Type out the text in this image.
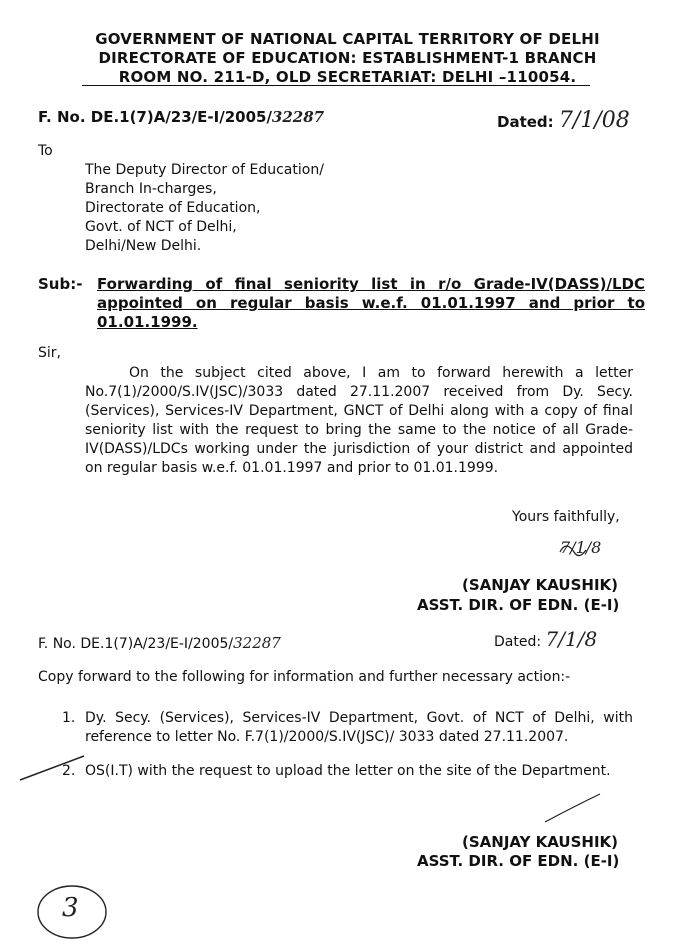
GOVERNMENT OF NATIONAL CAPITAL TERRITORY OF DELHI
DIRECTORATE OF EDUCATION: ESTABLISHMENT-1 BRANCH
ROOM NO. 211-D, OLD SECRETARIAT: DELHI –110054.
F. No. DE.1(7)A/23/E-I/2005/32287	Dated: 7/1/08
To
The Deputy Director of Education/
Branch In-charges,
Directorate of Education,
Govt. of NCT of Delhi,
Delhi/New Delhi.
Sub:- Forwarding of final seniority list in r/o Grade-IV(DASS)/LDC appointed on regular basis w.e.f. 01.01.1997 and prior to 01.01.1999.
Sir,
On the subject cited above, I am to forward herewith a letter No.7(1)/2000/S.IV(JSC)/3033 dated 27.11.2007 received from Dy. Secy. (Services), Services-IV Department, GNCT of Delhi along with a copy of final seniority list with the request to bring the same to the notice of all Grade-IV(DASS)/LDCs working under the jurisdiction of your district and appointed on regular basis w.e.f. 01.01.1997 and prior to 01.01.1999.
Yours faithfully,
7/1/8
(SANJAY KAUSHIK)
ASST. DIR. OF EDN. (E-I)
F. No. DE.1(7)A/23/E-I/2005/32287	Dated: 7/1/8
Copy forward to the following for information and further necessary action:-
1. Dy. Secy. (Services), Services-IV Department, Govt. of NCT of Delhi, with reference to letter No. F.7(1)/2000/S.IV(JSC)/ 3033 dated 27.11.2007.
2. OS(I.T) with the request to upload the letter on the site of the Department.
(SANJAY KAUSHIK)
ASST. DIR. OF EDN. (E-I)
3
